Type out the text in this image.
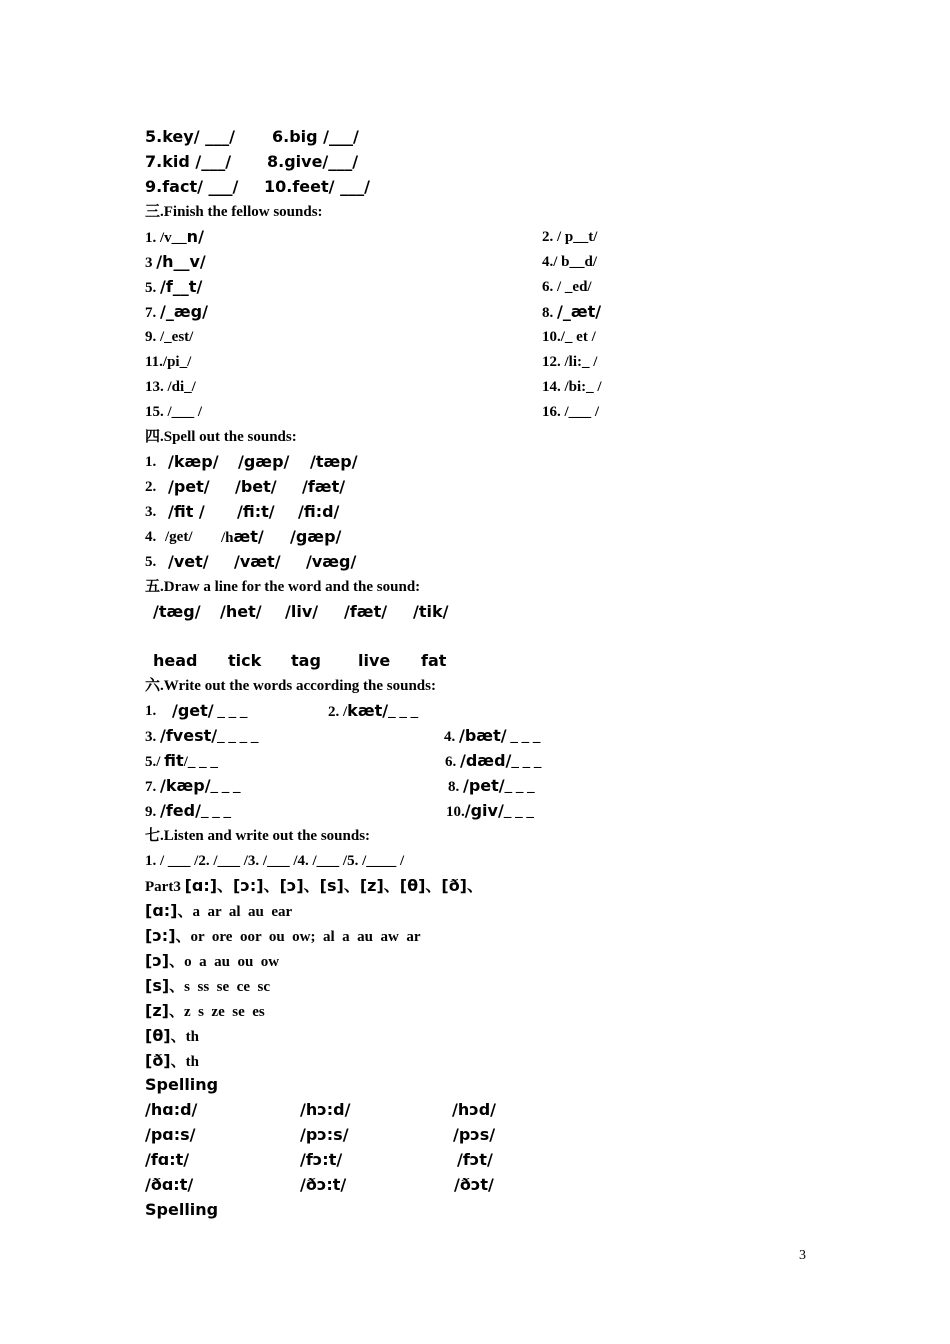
5.key/ ___/ 6.big /___/
7.kid /___/ 8.give/___/
9.fact/ ___/ 10.feet/ ___/
三.Finish the fellow sounds:
1. /v__n/	2. / p__t/
3 /h__v/	4./ b__d/
5. /f__t/	6. / _ed/
7. /_æg/	8. /_æt/
9. /_est/	10./_ et /
11./pi_/	12. /li:_ /
13. /di_/	14. /bi:_ /
15. /___ /	16. /___ /
四.Spell out the sounds:
1. /kæp/ /gæp/ /tæp/
2. /pet/ /bet/ /fæt/
3. /fit / /fi:t/ /fi:d/
4. /get/ /hæt/ /gæp/
5. /vet/ /væt/ /væg/
五.Draw a line for the word and the sound:
/tæg/ /het/ /liv/ /fæt/ /tik/
head tick tag live fat
六.Write out the words according the sounds:
1. /get/ _ _ _	2. /kæt/_ _ _
3. /fvest/_ _ _ _	4. /bæt/ _ _ _
5./ fit/_ _ _	6. /dæd/_ _ _
7. /kæp/_ _ _	8. /pet/_ _ _
9. /fed/_ _ _	10./giv/_ _ _
七.Listen and write out the sounds:
1. / ___ /2. /___ /3. /___ /4. /___ /5. /____ /
Part3 [ɑ:]、[ɔ:]、[ɔ]、[s]、[z]、[θ]、[ð]、
[ɑ:]、a  ar  al  au  ear
[ɔ:]、or  ore  oor  ou  ow;  al  a  au  aw  ar
[ɔ]、o  a  au  ou  ow
[s]、s  ss  se  ce  sc
[z]、z  s  ze  se  es
[θ]、th
[ð]、th
Spelling
/hɑ:d/	/hɔ:d/	/hɔd/
/pɑ:s/	/pɔ:s/	/pɔs/
/fɑ:t/	/fɔ:t/	/fɔt/
/ðɑ:t/	/ðɔ:t/	/ðɔt/
Spelling
3
